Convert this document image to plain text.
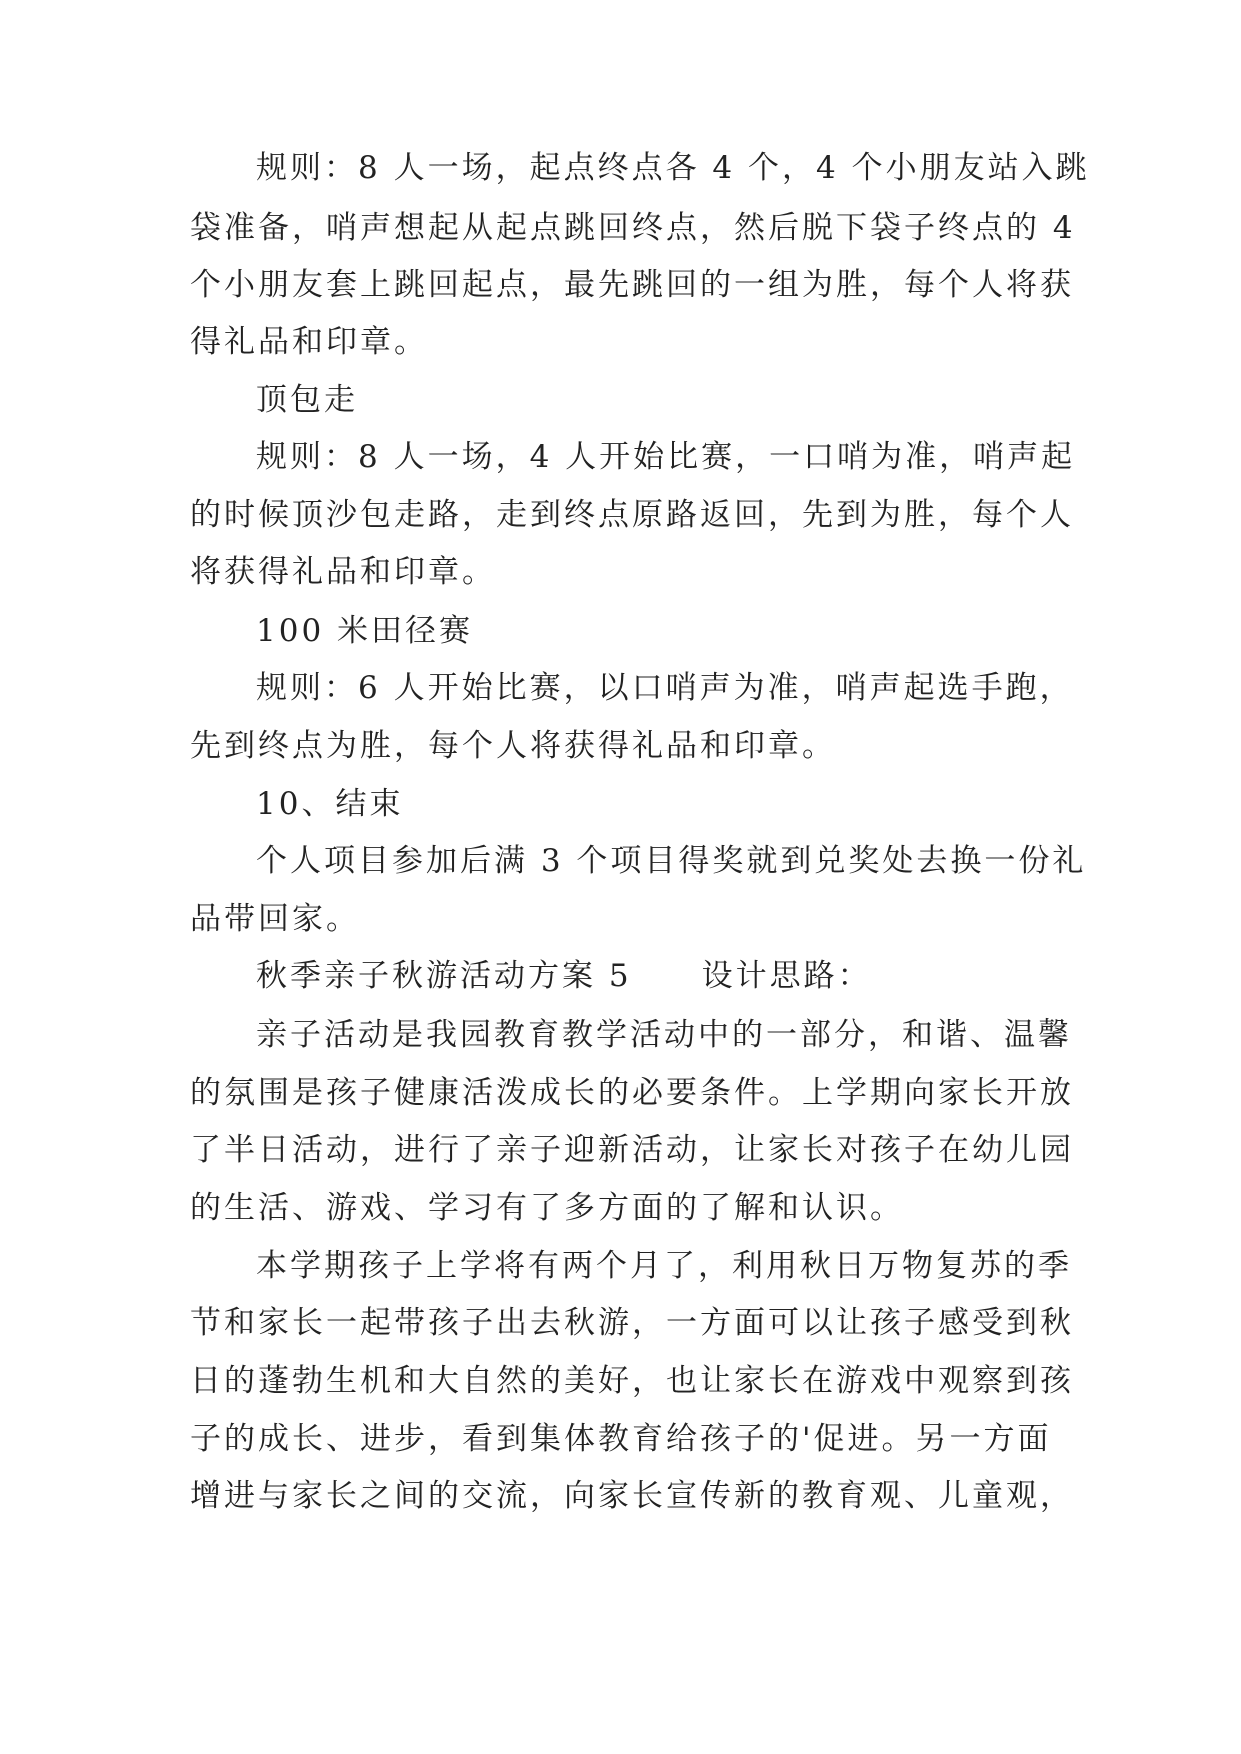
规则：8 人一场，起点终点各 4 个，4 个小朋友站入跳
袋准备，哨声想起从起点跳回终点，然后脱下袋子终点的 4
个小朋友套上跳回起点，最先跳回的一组为胜，每个人将获
得礼品和印章。
顶包走
规则：8 人一场，4 人开始比赛，一口哨为准，哨声起
的时候顶沙包走路，走到终点原路返回，先到为胜，每个人
将获得礼品和印章。
100 米田径赛
规则：6 人开始比赛，以口哨声为准，哨声起选手跑，
先到终点为胜，每个人将获得礼品和印章。
10、结束
个人项目参加后满 3 个项目得奖就到兑奖处去换一份礼
品带回家。
秋季亲子秋游活动方案 5 设计思路：
亲子活动是我园教育教学活动中的一部分，和谐、温馨
的氛围是孩子健康活泼成长的必要条件。上学期向家长开放
了半日活动，进行了亲子迎新活动，让家长对孩子在幼儿园
的生活、游戏、学习有了多方面的了解和认识。
本学期孩子上学将有两个月了，利用秋日万物复苏的季
节和家长一起带孩子出去秋游，一方面可以让孩子感受到秋
日的蓬勃生机和大自然的美好，也让家长在游戏中观察到孩
子的成长、进步，看到集体教育给孩子的'促进。另一方面
增进与家长之间的交流，向家长宣传新的教育观、儿童观，
